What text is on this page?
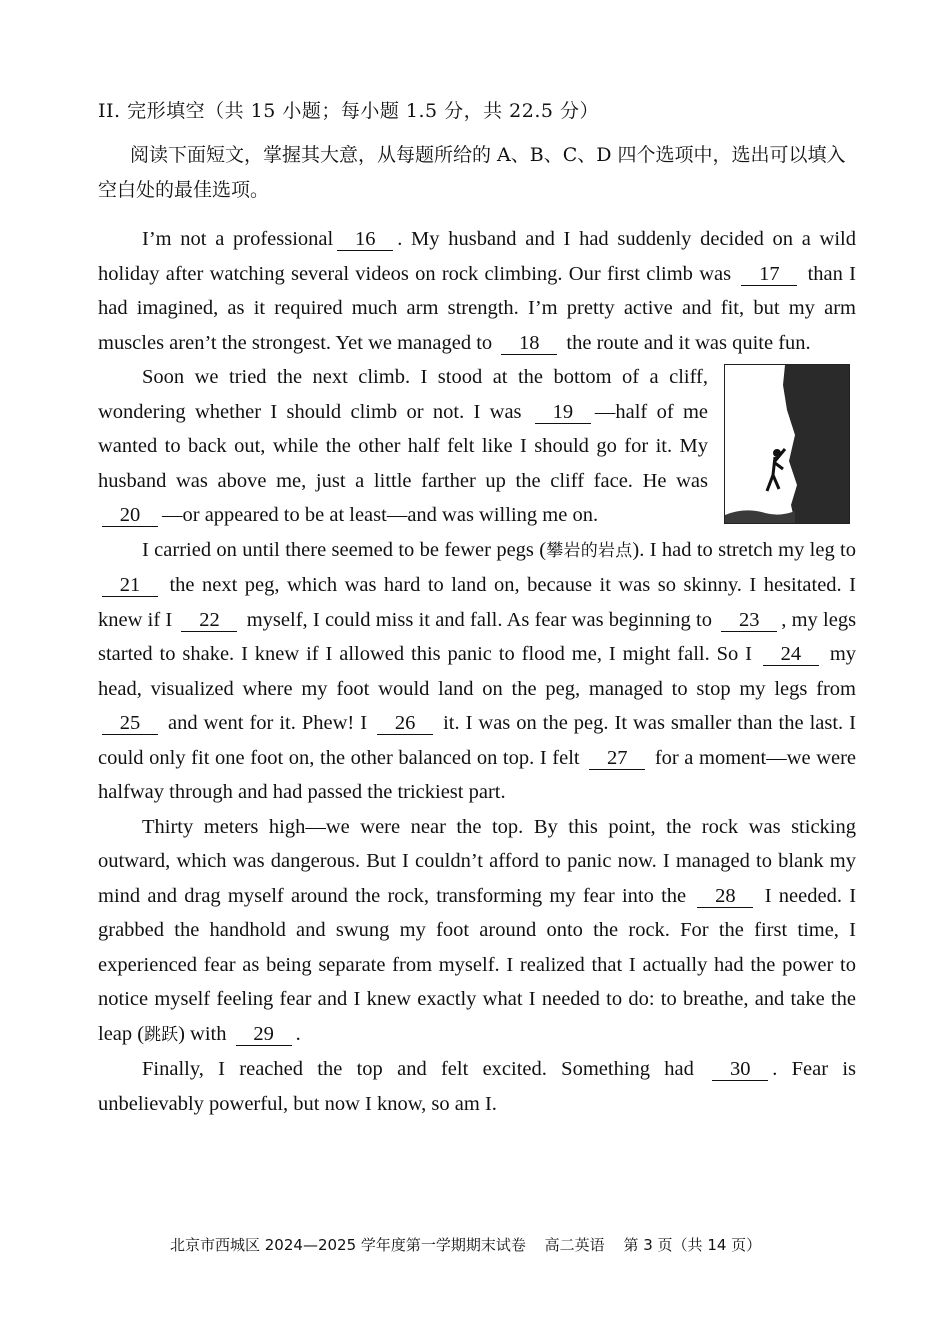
II. 完形填空（共 15 小题；每小题 1.5 分，共 22.5 分）
阅读下面短文，掌握其大意，从每题所给的 A、B、C、D 四个选项中，选出可以填入空白处的最佳选项。

I’m not a professional 16 . My husband and I had suddenly decided on a wild holiday after watching several videos on rock climbing. Our first climb was 17 than I had imagined, as it required much arm strength. I’m pretty active and fit, but my arm muscles aren’t the strongest. Yet we managed to 18 the route and it was quite fun.

Soon we tried the next climb. I stood at the bottom of a cliff, wondering whether I should climb or not. I was 19 —half of me wanted to back out, while the other half felt like I should go for it. My husband was above me, just a little farther up the cliff face. He was 20 —or appeared to be at least—and was willing me on.

I carried on until there seemed to be fewer pegs (攀岩的岩点). I had to stretch my leg to 21 the next peg, which was hard to land on, because it was so skinny. I hesitated. I knew if I 22 myself, I could miss it and fall. As fear was beginning to 23 , my legs started to shake. I knew if I allowed this panic to flood me, I might fall. So I 24 my head, visualized where my foot would land on the peg, managed to stop my legs from 25 and went for it. Phew! I 26 it. I was on the peg. It was smaller than the last. I could only fit one foot on, the other balanced on top. I felt 27 for a moment—we were halfway through and had passed the trickiest part.

Thirty meters high—we were near the top. By this point, the rock was sticking outward, which was dangerous. But I couldn’t afford to panic now. I managed to blank my mind and drag myself around the rock, transforming my fear into the 28 I needed. I grabbed the handhold and swung my foot around onto the rock. For the first time, I experienced fear as being separate from myself. I realized that I actually had the power to notice myself feeling fear and I knew exactly what I needed to do: to breathe, and take the leap (跳跃) with 29 .

Finally, I reached the top and felt excited. Something had 30 . Fear is unbelievably powerful, but now I know, so am I.

北京市西城区 2024—2025 学年度第一学期期末试卷 高二英语 第 3 页（共 14 页）
